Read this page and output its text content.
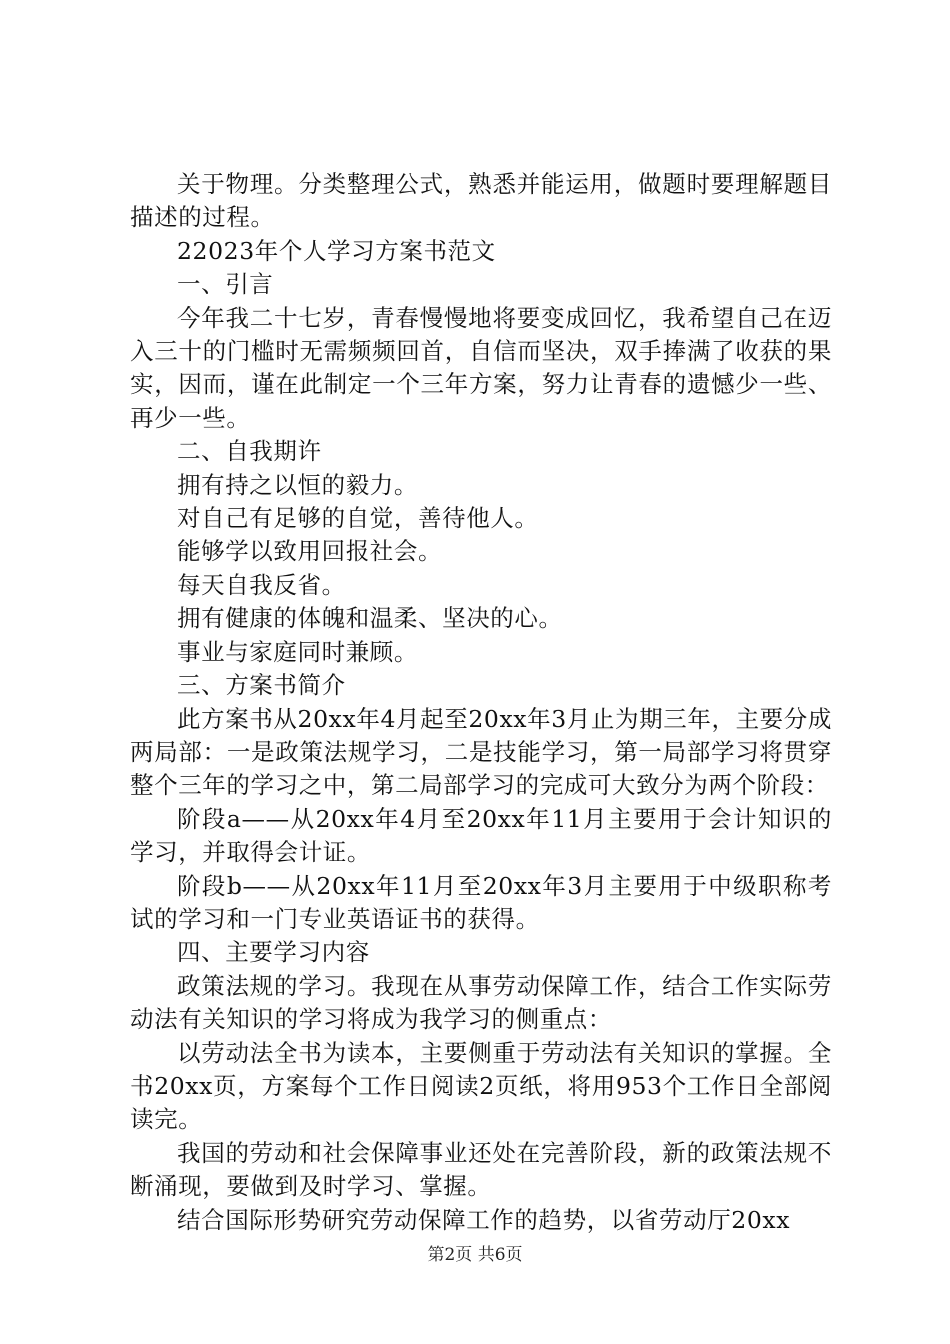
关于物理。分类整理公式，熟悉并能运用，做题时要理解题目描述的过程。

22023年个人学习方案书范文

一、引言

今年我二十七岁，青春慢慢地将要变成回忆，我希望自己在迈入三十的门槛时无需频频回首，自信而坚决，双手捧满了收获的果实，因而，谨在此制定一个三年方案，努力让青春的遗憾少一些、再少一些。

二、自我期许

拥有持之以恒的毅力。

对自己有足够的自觉，善待他人。

能够学以致用回报社会。

每天自我反省。

拥有健康的体魄和温柔、坚决的心。

事业与家庭同时兼顾。

三、方案书简介

此方案书从20xx年4月起至20xx年3月止为期三年，主要分成两局部：一是政策法规学习，二是技能学习，第一局部学习将贯穿整个三年的学习之中，第二局部学习的完成可大致分为两个阶段：

阶段a——从20xx年4月至20xx年11月主要用于会计知识的学习，并取得会计证。

阶段b——从20xx年11月至20xx年3月主要用于中级职称考试的学习和一门专业英语证书的获得。

四、主要学习内容

政策法规的学习。我现在从事劳动保障工作，结合工作实际劳动法有关知识的学习将成为我学习的侧重点：

以劳动法全书为读本，主要侧重于劳动法有关知识的掌握。全书20xx页，方案每个工作日阅读2页纸，将用953个工作日全部阅读完。

我国的劳动和社会保障事业还处在完善阶段，新的政策法规不断涌现，要做到及时学习、掌握。

结合国际形势研究劳动保障工作的趋势，以省劳动厅20xx

第2页 共6页
